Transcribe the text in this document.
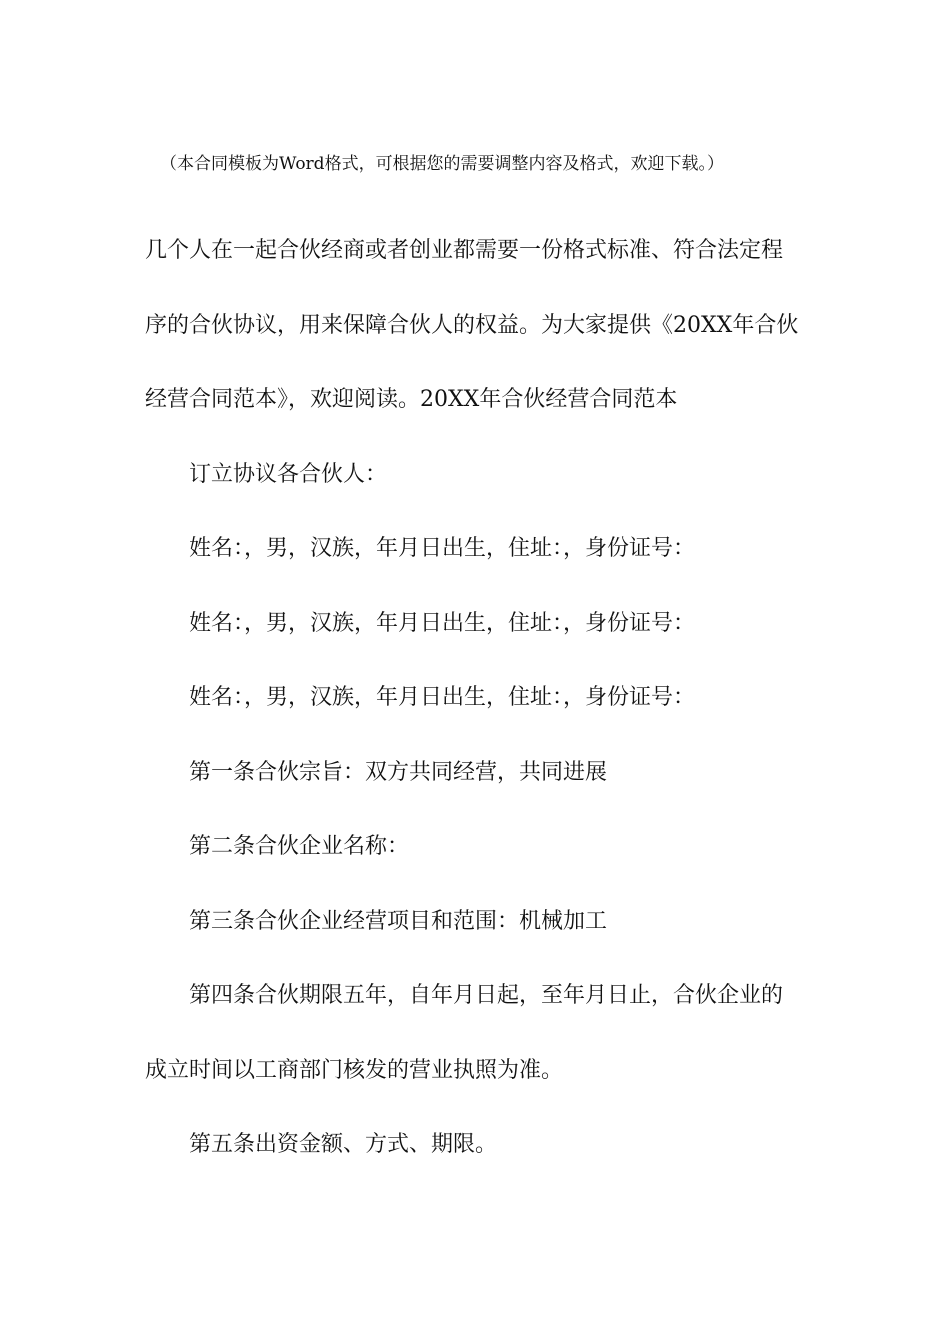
（本合同模板为Word格式，可根据您的需要调整内容及格式，欢迎下载。）

几个人在一起合伙经商或者创业都需要一份格式标准、符合法定程

序的合伙协议，用来保障合伙人的权益。为大家提供《20XX年合伙

经营合同范本》，欢迎阅读。20XX年合伙经营合同范本

订立协议各合伙人：

姓名：，男，汉族，年月日出生，住址：，身份证号：

姓名：，男，汉族，年月日出生，住址：，身份证号：

姓名：，男，汉族，年月日出生，住址：，身份证号：

第一条合伙宗旨：双方共同经营，共同进展

第二条合伙企业名称：

第三条合伙企业经营项目和范围：机械加工

第四条合伙期限五年，自年月日起，至年月日止，合伙企业的

成立时间以工商部门核发的营业执照为准。

第五条出资金额、方式、期限。
